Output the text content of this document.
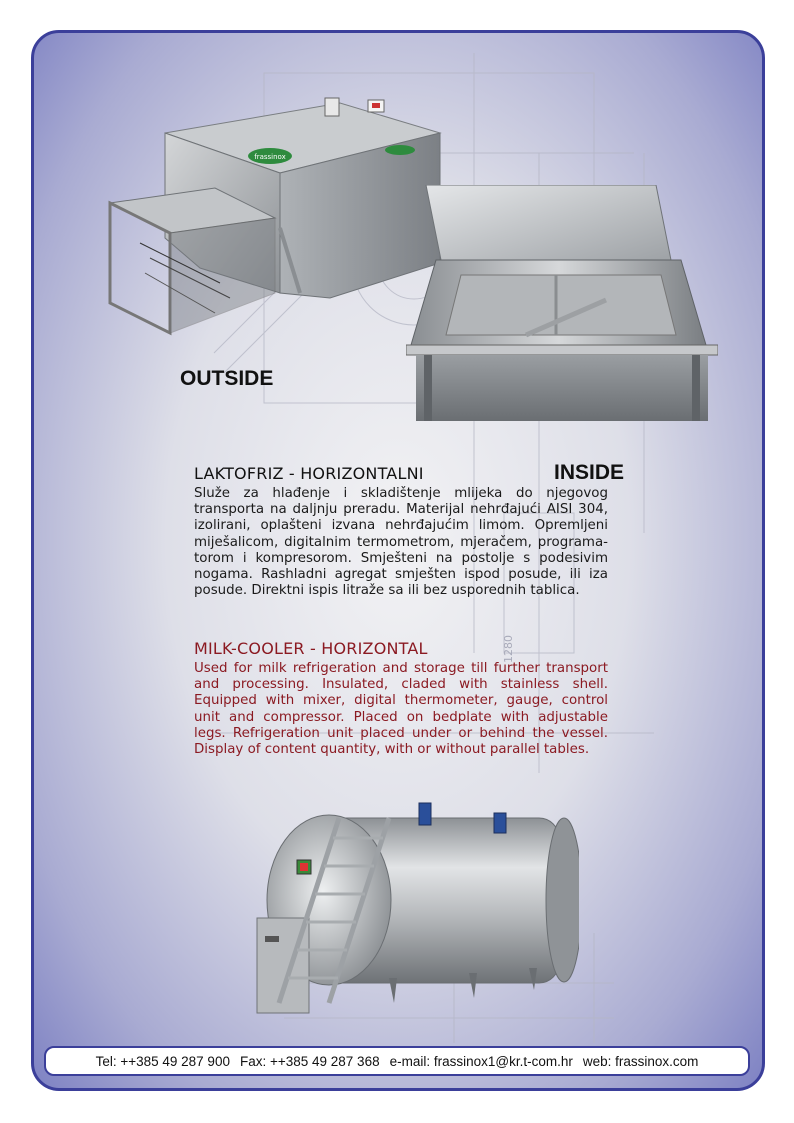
1280
frassinox
OUTSIDE
INSIDE
LAKTOFRIZ - HORIZONTALNI
Služe za hlađenje i skladištenje mlijeka do njegovog transporta na daljnju preradu. Materijal nehrđajući AISI 304, izolirani, oplašteni izvana nehrđajućim limom. Opremljeni miješalicom, digitalnim termometrom, mjeračem, programa-torom i kompresorom. Smješteni na postolje s podesivim nogama. Rashladni agregat smješten ispod posude, ili iza posude. Direktni ispis litraže sa ili bez usporednih tablica.
MILK-COOLER - HORIZONTAL
Used for milk refrigeration and storage till further transport and processing. Insulated, claded with stainless shell. Equipped with mixer, digital thermometer, gauge, control unit and compressor. Placed on bedplate with adjustable legs. Refrigeration unit placed under or behind the vessel. Display of content quantity, with or without parallel tables.
Tel: ++385 49 287 900 Fax: ++385 49 287 368 e-mail: frassinox1@kr.t-com.hr web: frassinox.com
